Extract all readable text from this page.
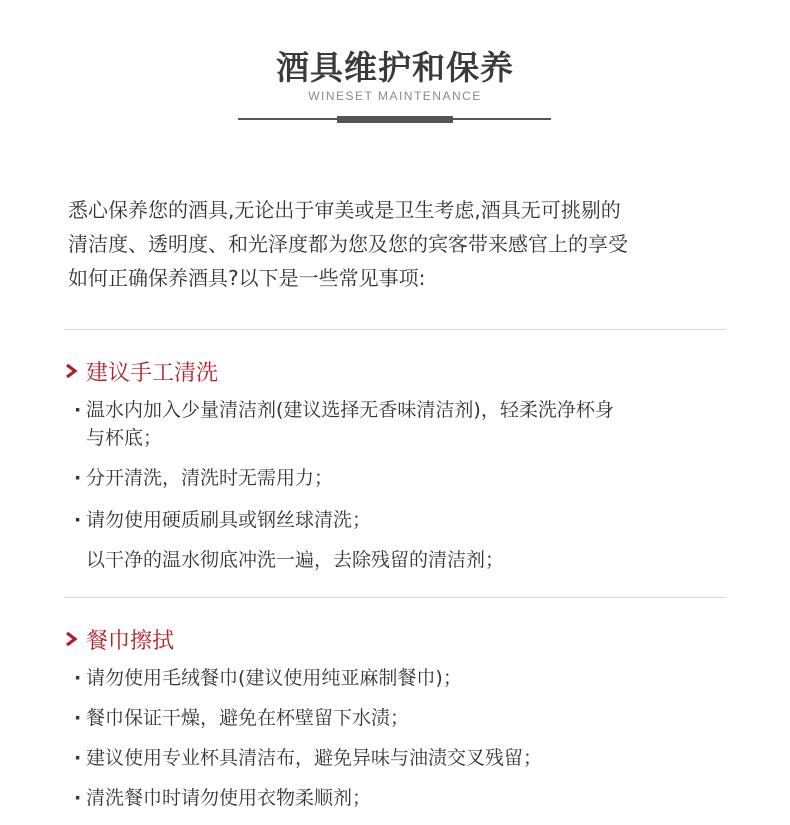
酒具维护和保养
WINESET MAINTENANCE
悉心保养您的酒具,无论出于审美或是卫生考虑,酒具无可挑剔的
清洁度、透明度、和光泽度都为您及您的宾客带来感官上的享受
如何正确保养酒具?以下是一些常见事项:
建议手工清洗
· 温水内加入少量清洁剂(建议选择无香味清洁剂)，轻柔洗净杯身
与杯底；
· 分开清洗，清洗时无需用力；
· 请勿使用硬质刷具或钢丝球清洗；
以干净的温水彻底冲洗一遍，去除残留的清洁剂；
餐巾擦拭
· 请勿使用毛绒餐巾(建议使用纯亚麻制餐巾)；
· 餐巾保证干燥，避免在杯壁留下水渍；
· 建议使用专业杯具清洁布，避免异味与油渍交叉残留；
· 清洗餐巾时请勿使用衣物柔顺剂；
